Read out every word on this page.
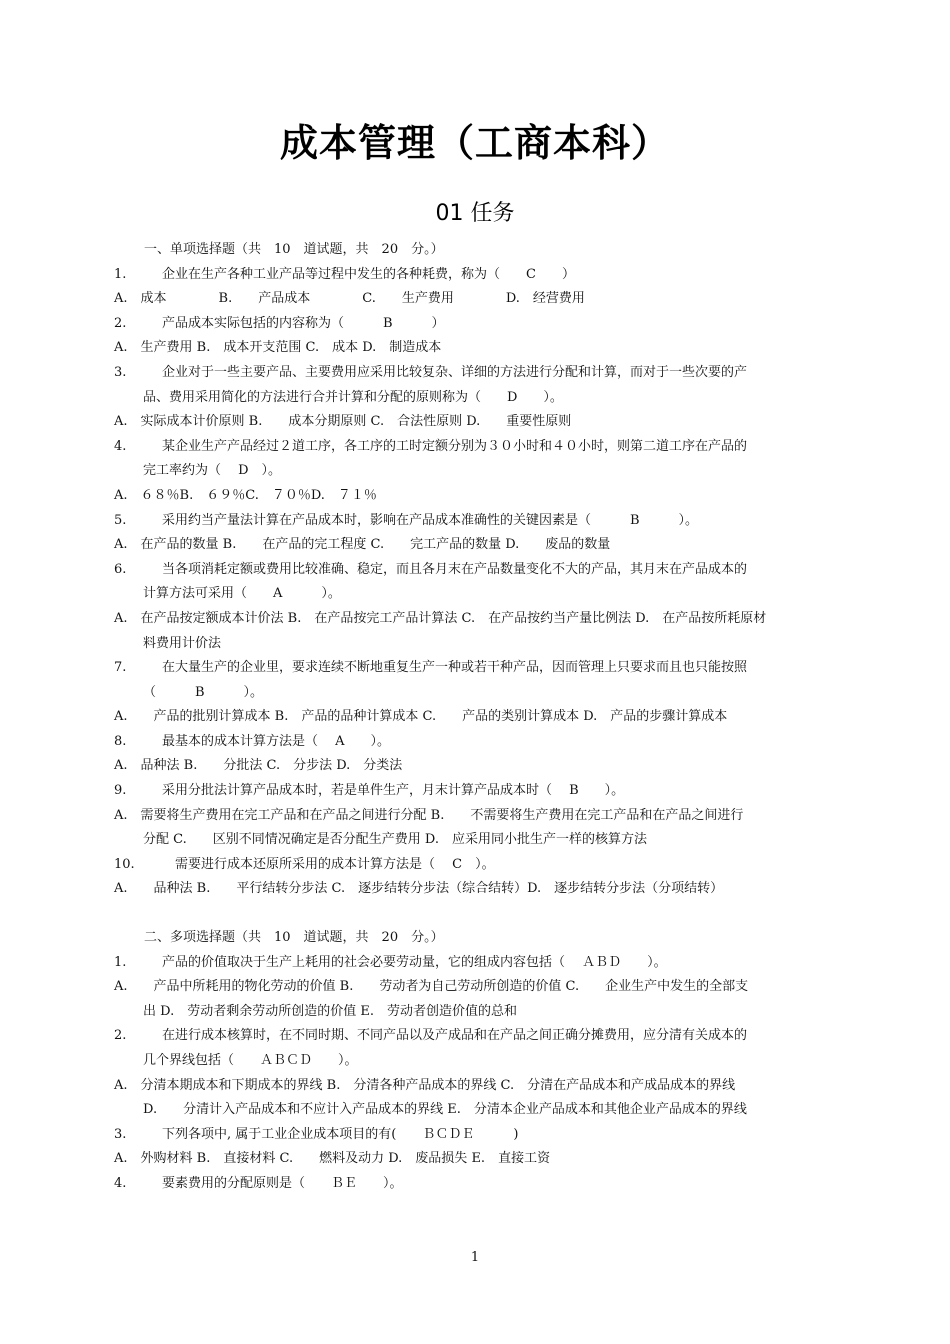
成本管理（工商本科）
01 任务
一、单项选择题（共　10　道试题，共　20　分。）
1.	企业在生产各种工业产品等过程中发生的各种耗费，称为（　　C　　）
A.　成本　　　　B.　　产品成本　　　　C.　　生产费用　　　　D.　经营费用
2.	产品成本实际包括的内容称为（　　　B　　　）
A.　生产费用 B.　成本开支范围 C.　成本 D.　制造成本
3.	企业对于一些主要产品、主要费用应采用比较复杂、详细的方法进行分配和计算，而对于一些次要的产
品、费用采用简化的方法进行合并计算和分配的原则称为（　　D　　）。
A.　实际成本计价原则 B.　　成本分期原则 C.　合法性原则 D.　　重要性原则
4.	某企业生产产品经过２道工序，各工序的工时定额分别为３０小时和４０小时，则第二道工序在产品的
完工率约为（　 D　）。
A.　６８％B.　６９％C.　７０％D.　７１％
5.	采用约当产量法计算在产品成本时，影响在产品成本准确性的关键因素是（　　　B　　　）。
A.　在产品的数量 B.　　在产品的完工程度 C.　　完工产品的数量 D.　　废品的数量
6.	当各项消耗定额或费用比较准确、稳定，而且各月末在产品数量变化不大的产品，其月末在产品成本的
计算方法可采用（　　A　　　）。
A.　在产品按定额成本计价法 B.　在产品按完工产品计算法 C.　在产品按约当产量比例法 D.　在产品按所耗原材
料费用计价法
7.	在大量生产的企业里，要求连续不断地重复生产一种或若干种产品，因而管理上只要求而且也只能按照
（　　　B　　　）。
A.　　产品的批别计算成本 B.　产品的品种计算成本 C.　　产品的类别计算成本 D.　产品的步骤计算成本
8.	最基本的成本计算方法是（　 A　　）。
A.　品种法 B.　　分批法 C.　分步法 D.　分类法
9.	采用分批法计算产品成本时，若是单件生产，月末计算产品成本时（　 B　　）。
A.　需要将生产费用在完工产品和在产品之间进行分配 B.　　不需要将生产费用在完工产品和在产品之间进行
分配 C.　　区别不同情况确定是否分配生产费用 D.　应采用同小批生产一样的核算方法
10.	　需要进行成本还原所采用的成本计算方法是（　 C　）。
A.　　品种法 B.　　平行结转分步法 C.　逐步结转分步法（综合结转）D.　逐步结转分步法（分项结转）
二、多项选择题（共　10　道试题，共　20　分。）
1.	产品的价值取决于生产上耗用的社会必要劳动量，它的组成内容包括（　 ＡＢＤ　　）。
A.　　产品中所耗用的物化劳动的价值 B.　　劳动者为自己劳动所创造的价值 C.　　企业生产中发生的全部支
出 D.　劳动者剩余劳动所创造的价值 E.　劳动者创造价值的总和
2.	在进行成本核算时，在不同时期、不同产品以及产成品和在产品之间正确分摊费用，应分清有关成本的
几个界线包括（　　ＡＢＣＤ　　）。
A.　分清本期成本和下期成本的界线 B.　分清各种产品成本的界线 C.　分清在产品成本和产成品成本的界线
D.　　分清计入产品成本和不应计入产品成本的界线 E.　分清本企业产品成本和其他企业产品成本的界线
3.	下列各项中, 属于工业企业成本项目的有(　　ＢＣＤＥ　　　)
A.　外购材料 B.　直接材料 C.　　燃料及动力 D.　废品损失 E.　直接工资
4.	要素费用的分配原则是（　　ＢＥ　　）。
1
